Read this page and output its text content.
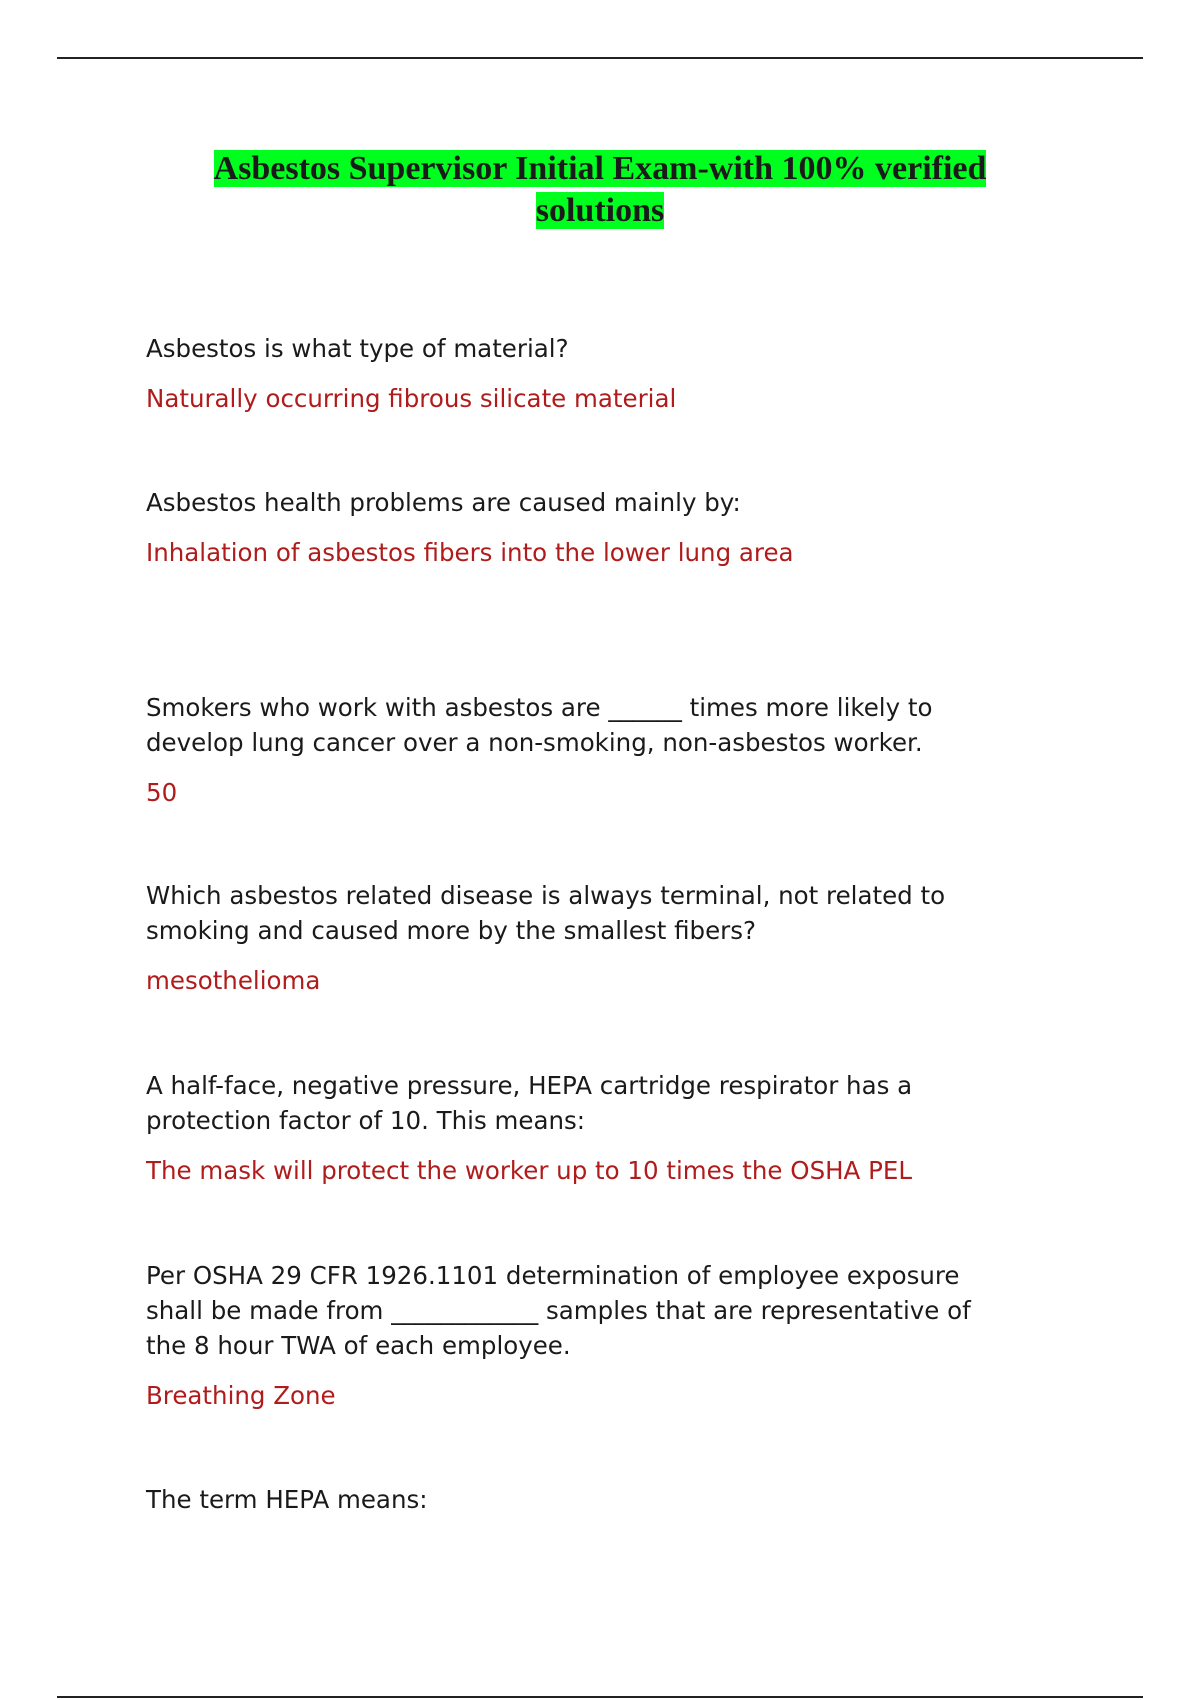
Asbestos Supervisor Initial Exam-with 100% verified
solutions

Asbestos is what type of material?

Naturally occurring fibrous silicate material

Asbestos health problems are caused mainly by:

Inhalation of asbestos fibers into the lower lung area

Smokers who work with asbestos are ______ times more likely to
develop lung cancer over a non-smoking, non-asbestos worker.

50

Which asbestos related disease is always terminal, not related to
smoking and caused more by the smallest fibers?

mesothelioma

A half-face, negative pressure, HEPA cartridge respirator has a
protection factor of 10. This means:

The mask will protect the worker up to 10 times the OSHA PEL

Per OSHA 29 CFR 1926.1101 determination of employee exposure
shall be made from ____________ samples that are representative of
the 8 hour TWA of each employee.

Breathing Zone

The term HEPA means:
